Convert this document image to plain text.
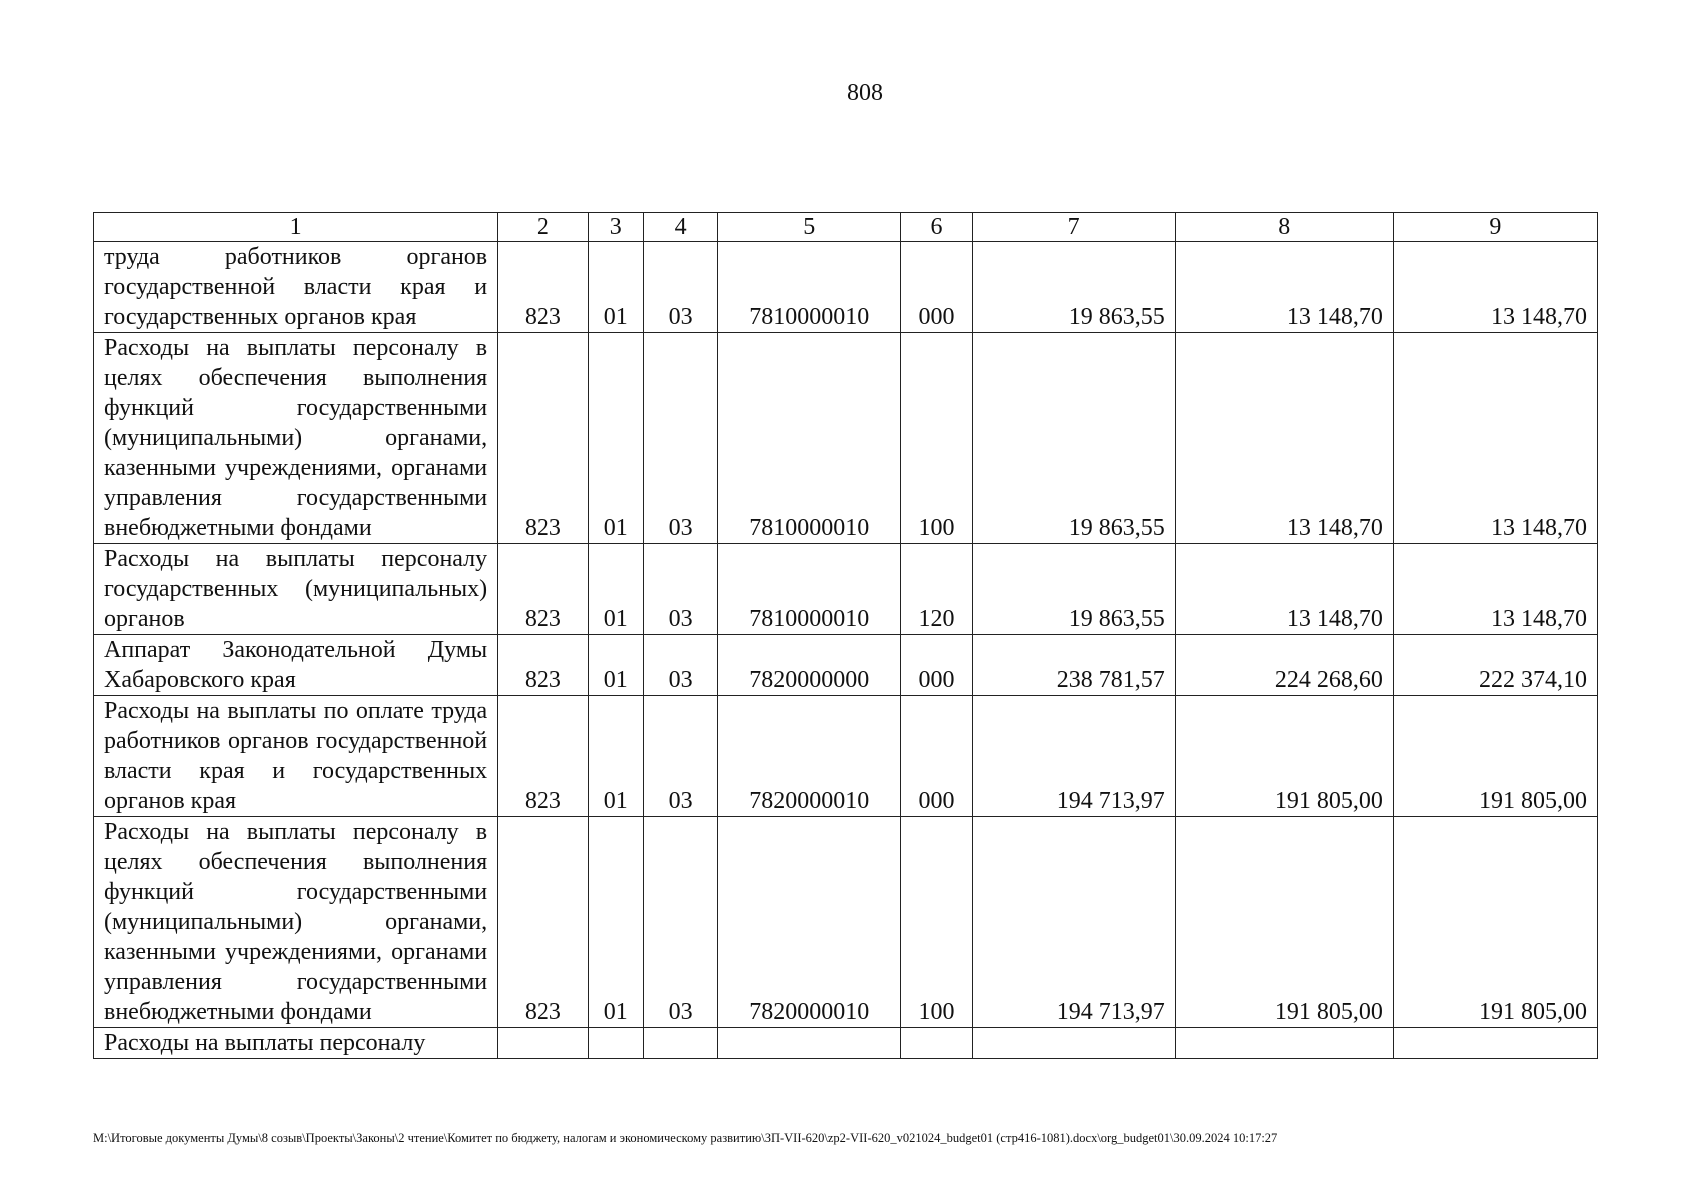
808
1	2	3	4	5	6	7	8	9
труда работников органов государственной власти края и государственных органов края	823	01	03	7810000010	000	19 863,55	13 148,70	13 148,70
Расходы на выплаты персоналу в целях обеспечения выполнения функций государственными (муниципальными) органами, казенными учреждениями, органами управления государственными внебюджетными фондами	823	01	03	7810000010	100	19 863,55	13 148,70	13 148,70
Расходы на выплаты персоналу государственных (муниципальных) органов	823	01	03	7810000010	120	19 863,55	13 148,70	13 148,70
Аппарат Законодательной Думы Хабаровского края	823	01	03	7820000000	000	238 781,57	224 268,60	222 374,10
Расходы на выплаты по оплате труда работников органов государственной власти края и государственных органов края	823	01	03	7820000010	000	194 713,97	191 805,00	191 805,00
Расходы на выплаты персоналу в целях обеспечения выполнения функций государственными (муниципальными) органами, казенными учреждениями, органами управления государственными внебюджетными фондами	823	01	03	7820000010	100	194 713,97	191 805,00	191 805,00
Расходы на выплаты персоналу								
M:\Итоговые документы Думы\8 созыв\Проекты\Законы\2 чтение\Комитет по бюджету, налогам и экономическому развитию\ЗП-VII-620\zp2-VII-620_v021024_budget01 (стр416-1081).docx\org_budget01\30.09.2024 10:17:27
